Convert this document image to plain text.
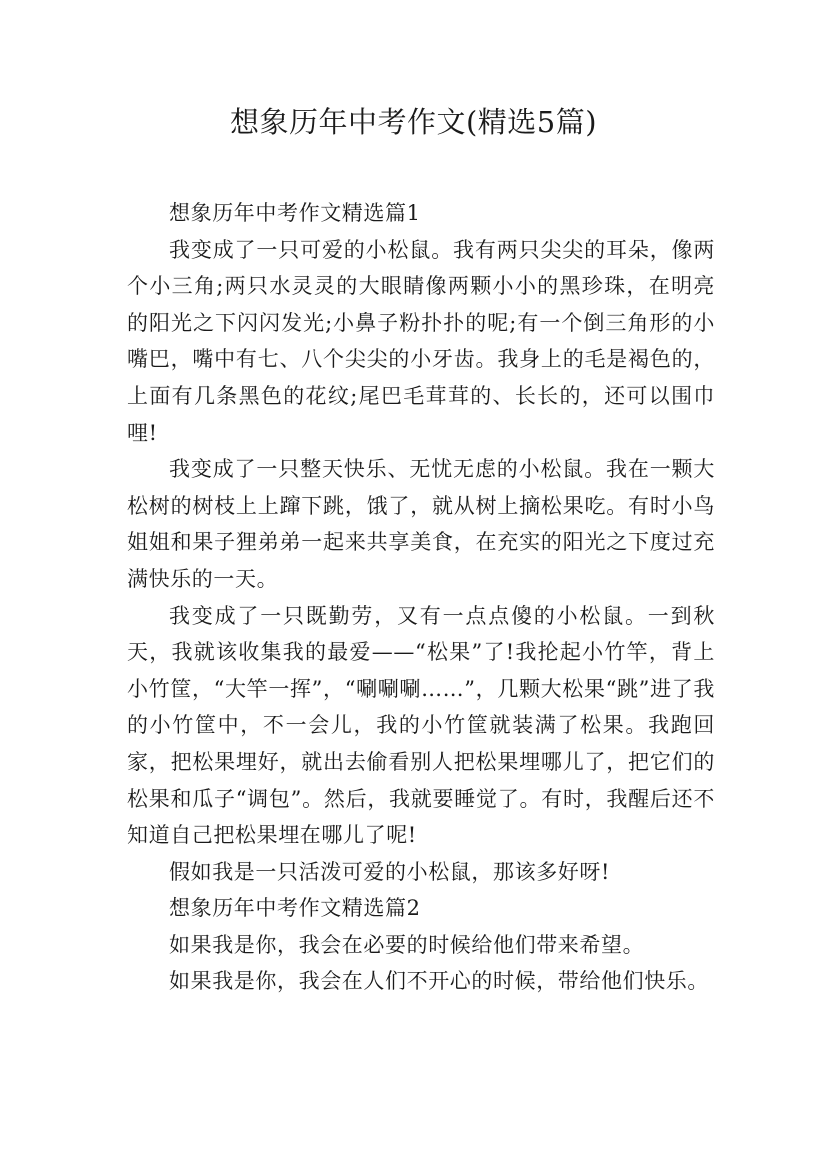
想象历年中考作文(精选5篇)

想象历年中考作文精选篇1

我变成了一只可爱的小松鼠。我有两只尖尖的耳朵，像两个小三角;两只水灵灵的大眼睛像两颗小小的黑珍珠，在明亮的阳光之下闪闪发光;小鼻子粉扑扑的呢;有一个倒三角形的小嘴巴，嘴中有七、八个尖尖的小牙齿。我身上的毛是褐色的，上面有几条黑色的花纹;尾巴毛茸茸的、长长的，还可以围巾哩!

我变成了一只整天快乐、无忧无虑的小松鼠。我在一颗大松树的树枝上上蹿下跳，饿了，就从树上摘松果吃。有时小鸟姐姐和果子狸弟弟一起来共享美食，在充实的阳光之下度过充满快乐的一天。

我变成了一只既勤劳，又有一点点傻的小松鼠。一到秋天，我就该收集我的最爱——“松果”了!我抡起小竹竿，背上小竹筐，“大竿一挥”，“唰唰唰……”，几颗大松果“跳”进了我的小竹筐中，不一会儿，我的小竹筐就装满了松果。我跑回家，把松果埋好，就出去偷看别人把松果埋哪儿了，把它们的松果和瓜子“调包”。然后，我就要睡觉了。有时，我醒后还不知道自己把松果埋在哪儿了呢!

假如我是一只活泼可爱的小松鼠，那该多好呀!

想象历年中考作文精选篇2

如果我是你，我会在必要的时候给他们带来希望。

如果我是你，我会在人们不开心的时候，带给他们快乐。
